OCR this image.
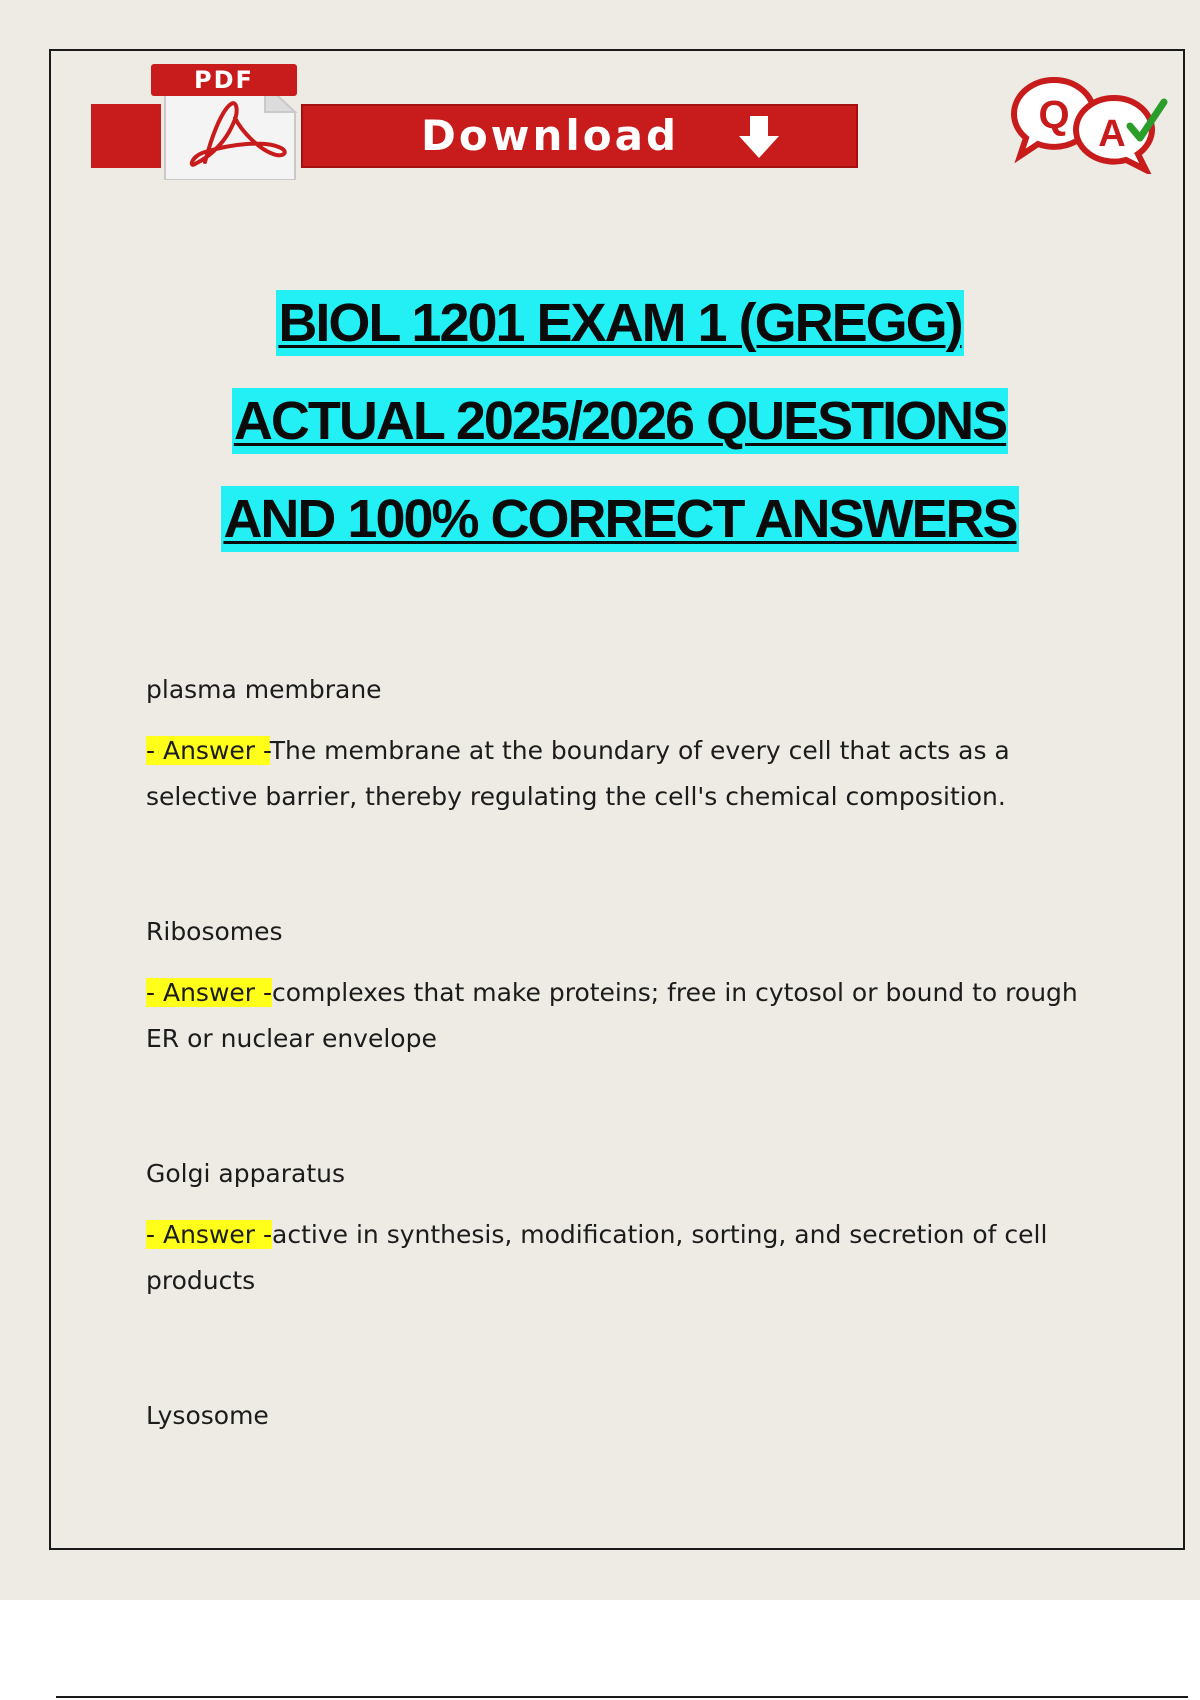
Download
PDF
Q A
BIOL 1201 EXAM 1 (GREGG)
ACTUAL 2025/2026 QUESTIONS
AND 100% CORRECT ANSWERS

plasma membrane

- Answer -The membrane at the boundary of every cell that acts as a selective barrier, thereby regulating the cell's chemical composition.

Ribosomes

- Answer -complexes that make proteins; free in cytosol or bound to rough ER or nuclear envelope

Golgi apparatus

- Answer -active in synthesis, modification, sorting, and secretion of cell products

Lysosome
